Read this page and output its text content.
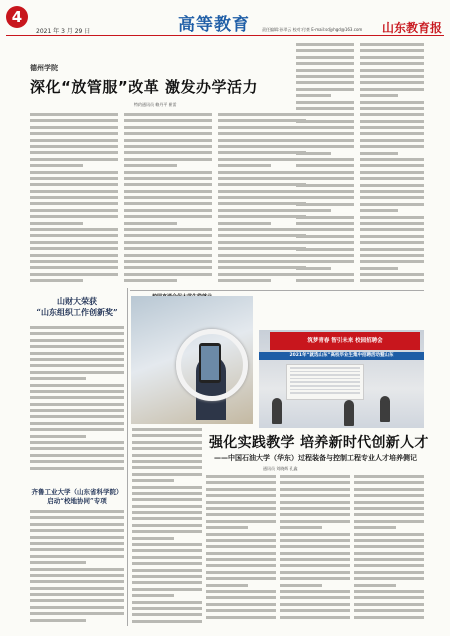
4
2021 年 3 月 29 日	高等教育	责任编辑:孙翠云 校对:付豪 E-mail:sdjyhgd@163.com 山东教育报
德州学院
深化“放管服”改革 激发办学活力
特约通讯员 赖丹平 崔雷
山财大荣获
“山东组织工作创新奖”
齐鲁工业大学（山东省科学院）
启动“校地协同”专项
筑梦青春 智引未来 校园招聘会
2021年“就选山东”高校毕业生集中招聘活动暨山东
强化实践教学 培养新时代创新人才
——中国石油大学（华东）过程装备与控制工程专业人才培养侧记
通讯员 刘晓辉 孔鑫
